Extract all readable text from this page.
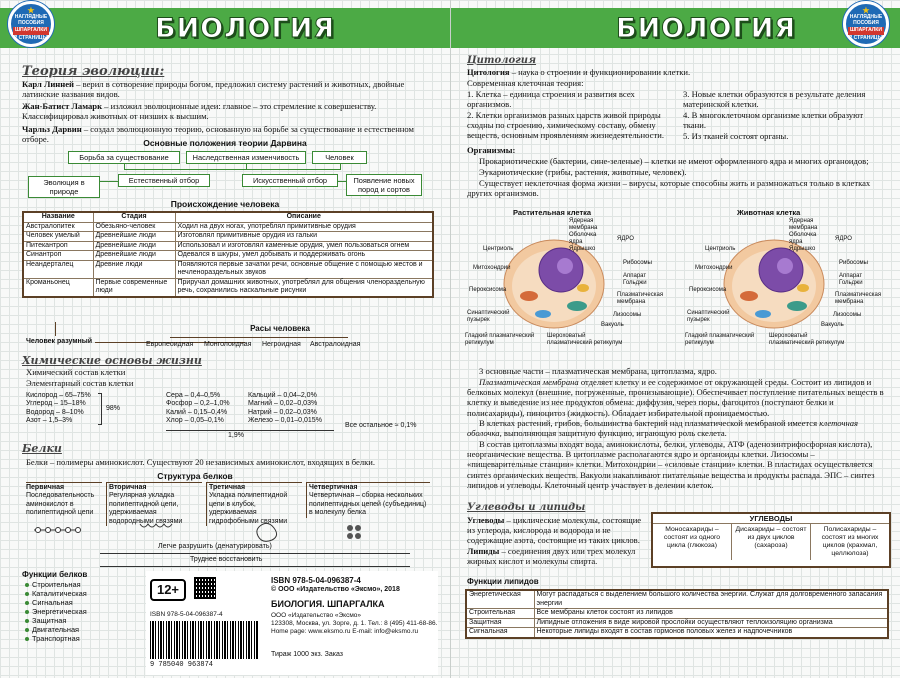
БИОЛОГИЯ
★
НАГЛЯДНЫЕ ПОСОБИЯ
ШПАРГАЛКИ
2 СТРАНИЦЫ
Теория эволюции:
Карл Линней – верил в сотворение природы богом, предложил систему растений и животных, двойные латинские названия видов.
Жан-Батист Ламарк – изложил эволюционные идеи: главное – это стремление к совершенству. Классифицировал животных от низших к высшим.
Чарльз Дарвин – создал эволюционную теорию, основанную на борьбе за существование и естественном отборе.	Основные положения теории Дарвина
Борьба за существование	Наследственная изменчивость	Человек
Эволюция в природе
Естественный отбор	Искусственный отбор	Появление новых пород и сортов
Происхождение человека
Название	Стадия	Описание
Австралопитек	Обезьяно-человек	Ходил на двух ногах, употреблял примитивные орудия
Человек умелый	Древнейшие люди	Изготовлял примитивные орудия из гальки
Питекантроп	Древнейшие люди	Использовал и изготовлял каменные орудия, умел пользоваться огнем
Синантроп	Древнейшие люди	Одевался в шкуры, умел добывать и поддерживать огонь
Неандерталец	Древние люди	Появляются первые зачатки речи, основные общение с помощью жестов и нечленораздельных звуков
Кроманьонец	Первые современные люди	Приручал домашних животных, употреблял для общения членораздельную речь, сохранились наскальные рисунки
Человек разумный
Расы человека
Европеоидная Монголоидная Негроидная Австралоидная
Химические основы жизни
Химический состав клетки
Элементарный состав клетки
Кислород – 65–75%
Углерод – 15–18%
Водород – 8–10%
Азот – 1,5–3%
98%
Сера – 0,4–0,5%
Фосфор – 0,2–1,0%
Калий – 0,15–0,4%
Хлор – 0,05–0,1%
Кальций – 0,04–2,0%
Магний – 0,02–0,03%
Натрий – 0,02–0,03%
Железо – 0,01–0,015%
Все остальное ≈ 0,1%
1,9%
Белки
Белки – полимеры аминокислот. Существуют 20 независимых аминокислот, входящих в белки.
Структура белков
Первичная
Последовательность аминокислот в полипептидной цепи
Вторичная
Регулярная укладка полипептидной цепи, удерживаемая водородными связями
Третичная
Укладка полипептидной цепи в клубок, удерживаемая гидрофобными связями
Четвертичная
Четвертичная – сборка нескольких полипептидных цепей (субъединиц) в молекулу белка
Легче разрушить (денатурировать)
Труднее восстановить
Функции белков
Строительная
Каталитическая
Сигнальная
Энергетическая
Защитная
Двигательная
Транспортная
12+
ISBN 978-5-04-096387-4
© ООО «Издательство «Эксмо», 2018
БИОЛОГИЯ. ШПАРГАЛКА
ООО «Издательство «Эксмо»
123308, Москва, ул. Зорге, д. 1. Тел.: 8 (495) 411-68-86.
Home page: www.eksmo.ru E-mail: info@eksmo.ru
Тираж 1000 экз. Заказ
ISBN 978-5-04-096387-4
9 785040 963874
БИОЛОГИЯ
★
НАГЛЯДНЫЕ ПОСОБИЯ
ШПАРГАЛКИ
2 СТРАНИЦЫ
Цитология
Цитология – наука о строении и функционировании клетки.
Современная клеточная теория:
1. Клетка – единица строения и развития всех организмов.
2. Клетки организмов разных царств живой природы сходны по строению, химическому составу, обмену веществ, основным проявлениям жизнедеятельности.
3. Новые клетки образуются в результате деления материнской клетки.
4. В многоклеточном организме клетки образуют ткани.
5. Из тканей состоят органы.
Организмы:
Прокариотические (бактерии, сине-зеленые) – клетки не имеют оформленного ядра и многих органоидов;
Эукариотические (грибы, растения, животные, человек).
Существует неклеточная форма жизни – вирусы, которые способны жить и размножаться только в клетках других организмов.
Растительная клетка	Животная клетка
Ядерная мембрана
Оболочка ядра
Ядрышко
ЯДРО
Центриоль
Митохондрии
Рибосомы
Аппарат Гольджи
Пероксисома
Плазматическая мембрана
Лизосомы
Синаптический пузырек
Вакуоль
Гладкий плазматический ретикулум
Шероховатый плазматический ретикулум
Ядерная мембрана
Оболочка ядра
Ядрышко
ЯДРО
Центриоль
Митохондрии
Рибосомы
Аппарат Гольджи
Пероксисома
Плазматическая мембрана
Лизосомы
Синаптический пузырек
Вакуоль
Гладкий плазматический ретикулум
Шероховатый плазматический ретикулум
3 основные части – плазматическая мембрана, цитоплазма, ядро.
Плазматическая мембрана отделяет клетку и ее содержимое от окружающей среды. Состоит из липидов и белковых молекул (внешние, погруженные, пронизывающие). Обеспечивает поступление питательных веществ в клетку и выведение из нее продуктов обмена: диффузия, через поры, фагоцитоз (поступают белки и полисахариды), пиноцитоз (жидкость). Обладает избирательной проницаемостью.
В клетках растений, грибов, большинства бактерий над плазматической мембраной имеется клеточная оболочка, выполняющая защитную функцию, играющую роль скелета.
В состав цитоплазмы входят вода, аминокислоты, белки, углеводы, АТФ (аденозинтрифосфорная кислота), неорганические вещества. В цитоплазме располагаются ядро и органоиды клетки. Лизосомы – «пищеварительные станции» клетки. Митохондрии – «силовые станции» клетки. В пластидах осуществляется синтез органических веществ. Вакуоли накапливают питательные вещества и продукты распада. ЭПС – синтез липидов и углеводы. Клеточный центр участвует в делении клеток.
Углеводы и липиды
Углеводы – циклические молекулы, состоящие из углерода, кислорода и водорода и не содержащие азота, состоящие из таких циклов.
Липиды – соединения двух или трех молекул жирных кислот и молекулы спирта.
УГЛЕВОДЫ
Моносахариды – состоят из одного цикла (глюкоза)
Дисахариды – состоят из двух циклов (сахароза)
Полисахариды – состоят из многих циклов (крахмал, целлюлоза)
Функции липидов
Энергетическая	Могут распадаться с выделением большого количества энергии. Служат для долговременного запасания энергии
Строительная	Все мембраны клеток состоят из липидов
Защитная	Липидные отложения в виде жировой прослойки осуществляют теплоизоляцию организма
Сигнальная	Некоторые липиды входят в состав гормонов половых желез и надпочечников
